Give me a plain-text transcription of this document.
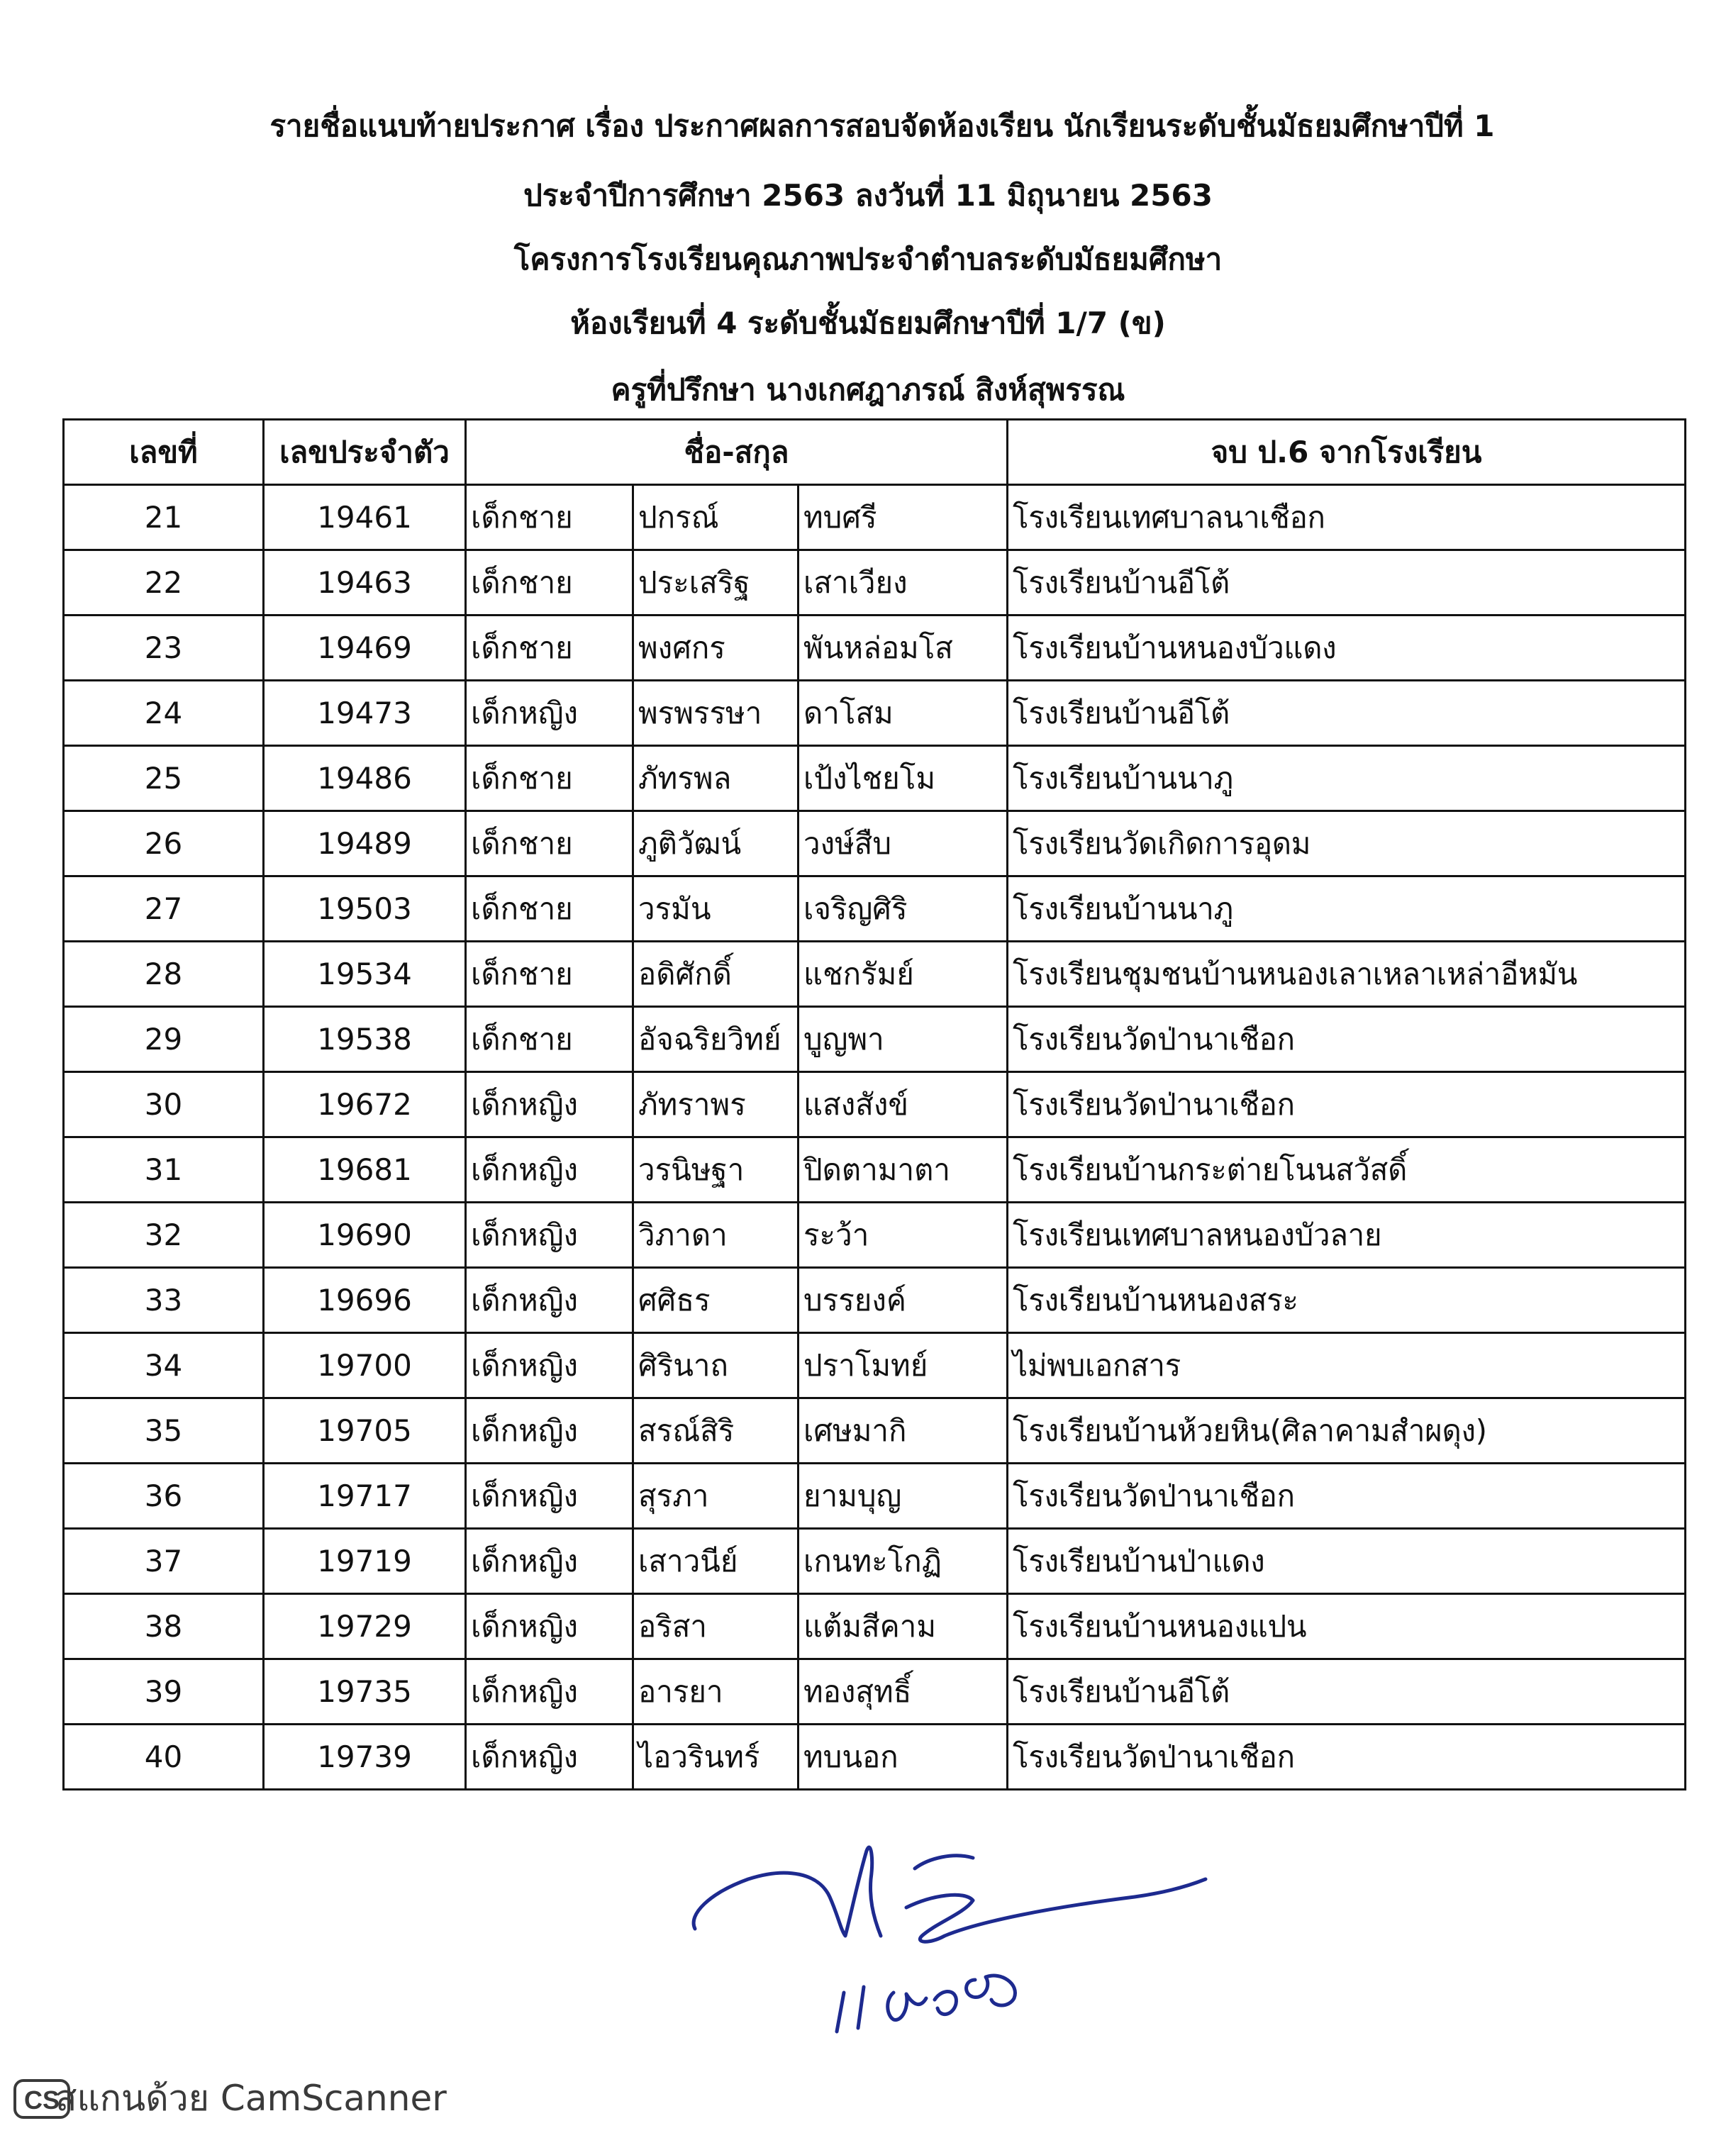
รายชื่อแนบท้ายประกาศ เรื่อง ประกาศผลการสอบจัดห้องเรียน นักเรียนระดับชั้นมัธยมศึกษาปีที่ 1
ประจำปีการศึกษา 2563 ลงวันที่ 11 มิถุนายน 2563
โครงการโรงเรียนคุณภาพประจำตำบลระดับมัธยมศึกษา
ห้องเรียนที่ 4 ระดับชั้นมัธยมศึกษาปีที่ 1/7 (ข)
ครูที่ปรึกษา นางเกศฎาภรณ์ สิงห์สุพรรณ
เลขที่	เลขประจำตัว	ชื่อ-สกุล			จบ ป.6 จากโรงเรียน
21	19461	เด็กชาย	ปกรณ์	ทบศรี	โรงเรียนเทศบาลนาเชือก
22	19463	เด็กชาย	ประเสริฐ	เสาเวียง	โรงเรียนบ้านอีโต้
23	19469	เด็กชาย	พงศกร	พันหล่อมโส	โรงเรียนบ้านหนองบัวแดง
24	19473	เด็กหญิง	พรพรรษา	ดาโสม	โรงเรียนบ้านอีโต้
25	19486	เด็กชาย	ภัทรพล	เป้งไชยโม	โรงเรียนบ้านนาภู
26	19489	เด็กชาย	ภูติวัฒน์	วงษ์สืบ	โรงเรียนวัดเกิดการอุดม
27	19503	เด็กชาย	วรมัน	เจริญศิริ	โรงเรียนบ้านนาภู
28	19534	เด็กชาย	อดิศักดิ์	แชกรัมย์	โรงเรียนชุมชนบ้านหนองเลาเหลาเหล่าอีหมัน
29	19538	เด็กชาย	อัจฉริยวิทย์	บูญพา	โรงเรียนวัดป่านาเชือก
30	19672	เด็กหญิง	ภัทราพร	แสงสังข์	โรงเรียนวัดป่านาเชือก
31	19681	เด็กหญิง	วรนิษฐา	ปิดตามาตา	โรงเรียนบ้านกระต่ายโนนสวัสดิ์
32	19690	เด็กหญิง	วิภาดา	ระว้า	โรงเรียนเทศบาลหนองบัวลาย
33	19696	เด็กหญิง	ศศิธร	บรรยงค์	โรงเรียนบ้านหนองสระ
34	19700	เด็กหญิง	ศิรินาถ	ปราโมทย์	ไม่พบเอกสาร
35	19705	เด็กหญิง	สรณ์สิริ	เศษมากิ	โรงเรียนบ้านห้วยหิน(ศิลาคามสำผดุง)
36	19717	เด็กหญิง	สุรภา	ยามบุญ	โรงเรียนวัดป่านาเชือก
37	19719	เด็กหญิง	เสาวนีย์	เกนทะโกฏิ	โรงเรียนบ้านป่าแดง
38	19729	เด็กหญิง	อริสา	แต้มสีคาม	โรงเรียนบ้านหนองแปน
39	19735	เด็กหญิง	อารยา	ทองสุทธิ์	โรงเรียนบ้านอีโต้
40	19739	เด็กหญิง	ไอวรินทร์	ทบนอก	โรงเรียนวัดป่านาเชือก
CS
สแกนด้วย CamScanner
